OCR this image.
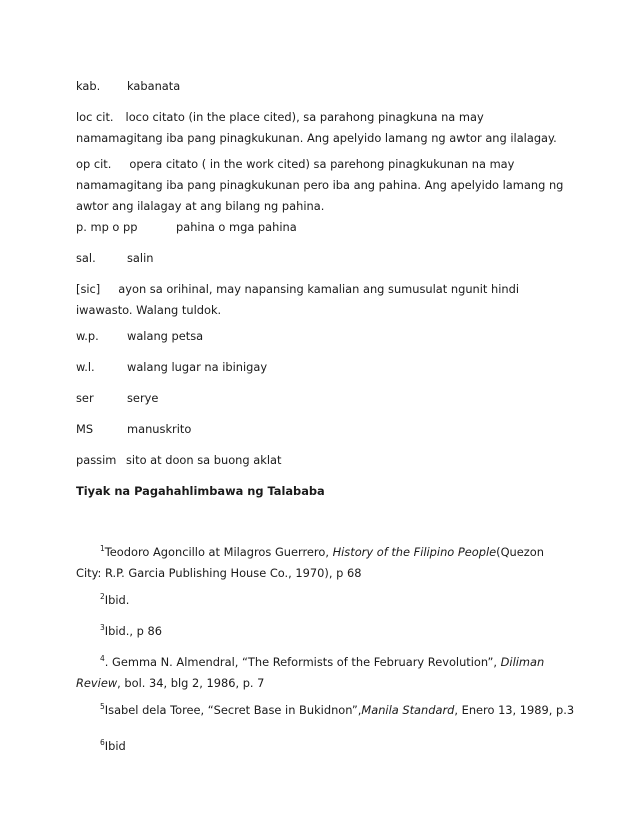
kab. kabanata
loc cit. loco citato (in the place cited), sa parahong pinagkuna na may namamagitang iba pang pinagkukunan. Ang apelyido lamang ng awtor ang ilalagay.
op cit. opera citato ( in the work cited) sa parehong pinagkukunan na may namamagitang iba pang pinagkukunan pero iba ang pahina. Ang apelyido lamang ng awtor ang ilalagay at ang bilang ng pahina.
p. mp o pp	pahina o mga pahina
sal.	salin
[sic] ayon sa orihinal, may napansing kamalian ang sumusulat ngunit hindi iwawasto. Walang tuldok.
w.p. walang petsa
w.l.	walang lugar na ibinigay
ser	serye
MS	manuskrito
passim sito at doon sa buong aklat
Tiyak na Pagahahlimbawa ng Talababa
$^1$Teodoro Agoncillo at Milagros Guerrero, History of the Filipino People(Quezon City: R.P. Garcia Publishing House Co., 1970), p 68
$^2$Ibid.
$^3$Ibid., p 86
$^4$. Gemma N. Almendral, “The Reformists of the February Revolution”, Diliman Review, bol. 34, blg 2, 1986, p. 7
$^5$Isabel dela Toree, “Secret Base in Bukidnon”,Manila Standard, Enero 13, 1989, p.3
$^6$Ibid
